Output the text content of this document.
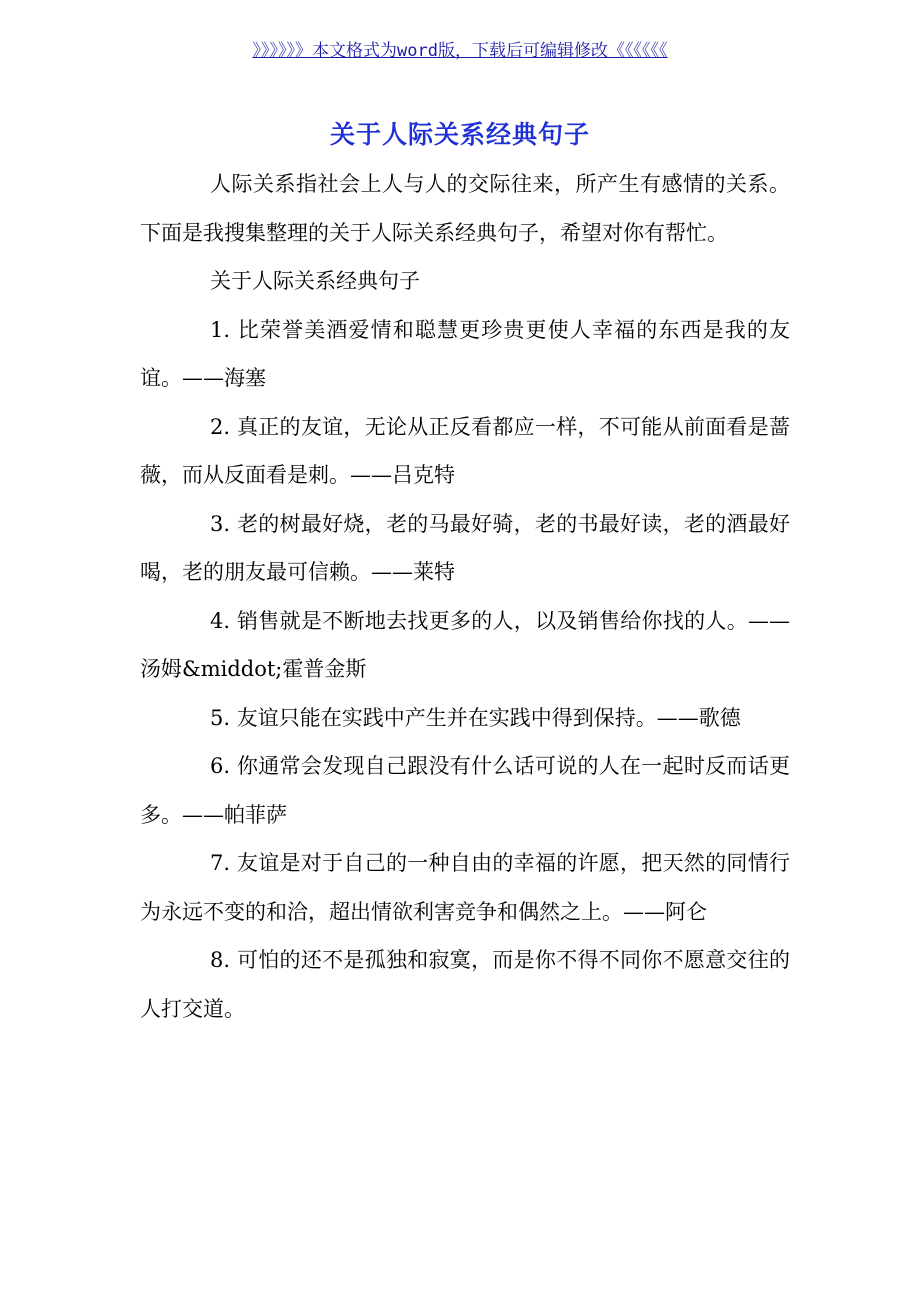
》》》》》》本文格式为word版，下载后可编辑修改《《《《《《
关于人际关系经典句子

人际关系指社会上人与人的交际往来，所产生有感情的关系。下面是我搜集整理的关于人际关系经典句子，希望对你有帮忙。

关于人际关系经典句子

1. 比荣誉美酒爱情和聪慧更珍贵更使人幸福的东西是我的友谊。——海塞

2. 真正的友谊，无论从正反看都应一样，不可能从前面看是蔷薇，而从反面看是刺。——吕克特

3. 老的树最好烧，老的马最好骑，老的书最好读，老的酒最好喝，老的朋友最可信赖。——莱特

4. 销售就是不断地去找更多的人，以及销售给你找的人。——汤姆&middot;霍普金斯

5. 友谊只能在实践中产生并在实践中得到保持。——歌德

6. 你通常会发现自己跟没有什么话可说的人在一起时反而话更多。——帕菲萨

7. 友谊是对于自己的一种自由的幸福的许愿，把天然的同情行为永远不变的和洽，超出情欲利害竞争和偶然之上。——阿仑

8. 可怕的还不是孤独和寂寞，而是你不得不同你不愿意交往的人打交道。
